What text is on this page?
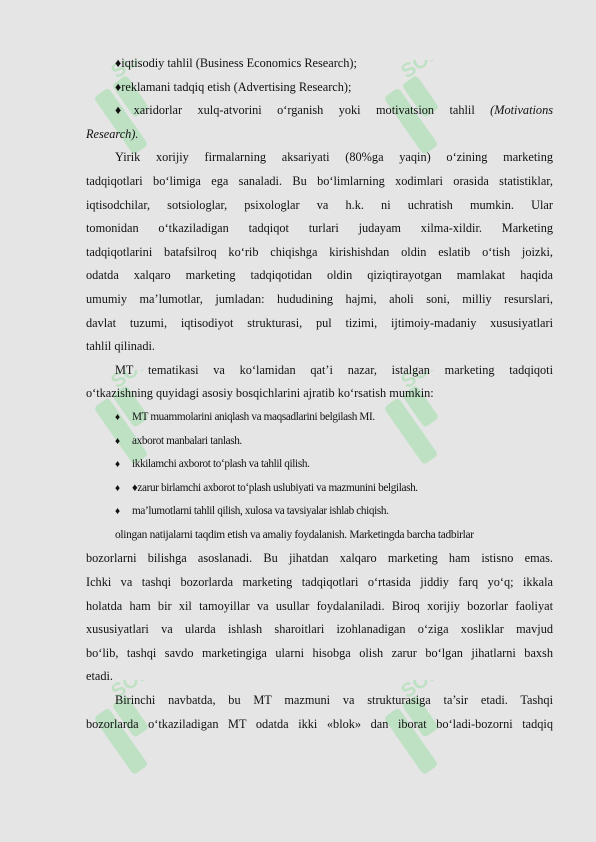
♦iqtisodiy tahlil (Business Economics Research);
♦reklamani tadqiq etish (Advertising Research);
♦xaridorlar xulq-atvorini o‘rganish yoki motivatsion tahlil (Motivations
Research).
Yirik xorijiy firmalarning aksariyati (80%ga yaqin) o‘zining marketing
tadqiqotlari bo‘limiga ega sanaladi. Bu bo‘limlarning xodimlari orasida statistiklar,
iqtisodchilar, sotsiologlar, psixologlar va h.k. ni uchratish mumkin. Ular
tomonidan o‘tkaziladigan tadqiqot turlari judayam xilma-xildir. Marketing
tadqiqotlarini batafsilroq ko‘rib chiqishga kirishishdan oldin eslatib o‘tish joizki,
odatda xalqaro marketing tadqiqotidan oldin qiziqtirayotgan mamlakat haqida
umumiy ma’lumotlar, jumladan: hududining hajmi, aholi soni, milliy resurslari,
davlat tuzumi, iqtisodiyot strukturasi, pul tizimi, ijtimoiy-madaniy xususiyatlari
tahlil qilinadi.
MT tematikasi va ko‘lamidan qat’i nazar, istalgan marketing tadqiqoti
o‘tkazishning quyidagi asosiy bosqichlarini ajratib ko‘rsatish mumkin:
♦ MT muammolarini aniqlash va maqsadlarini belgilash MI.
♦ axborot manbalari tanlash.
♦ ikkilamchi axborot to‘plash va tahlil qilish.
♦ ♦zarur birlamchi axborot to‘plash uslubiyati va mazmunini belgilash.
♦ ma’lumotlarni tahlil qilish, xulosa va tavsiyalar ishlab chiqish.
olingan natijalarni taqdim etish va amaliy foydalanish. Marketingda barcha tadbirlar
bozorlarni bilishga asoslanadi. Bu jihatdan xalqaro marketing ham istisno emas.
Ichki va tashqi bozorlarda marketing tadqiqotlari o‘rtasida jiddiy farq yo‘q; ikkala
holatda ham bir xil tamoyillar va usullar foydalaniladi. Biroq xorijiy bozorlar faoliyat
xususiyatlari va ularda ishlash sharoitlari izohlanadigan o‘ziga xosliklar mavjud
bo‘lib, tashqi savdo marketingiga ularni hisobga olish zarur bo‘lgan jihatlarni baxsh
etadi.
Birinchi navbatda, bu MT mazmuni va strukturasiga ta’sir etadi. Tashqi
bozorlarda o‘tkaziladigan MT odatda ikki «blok» dan iborat bo‘ladi-bozorni tadqiq
